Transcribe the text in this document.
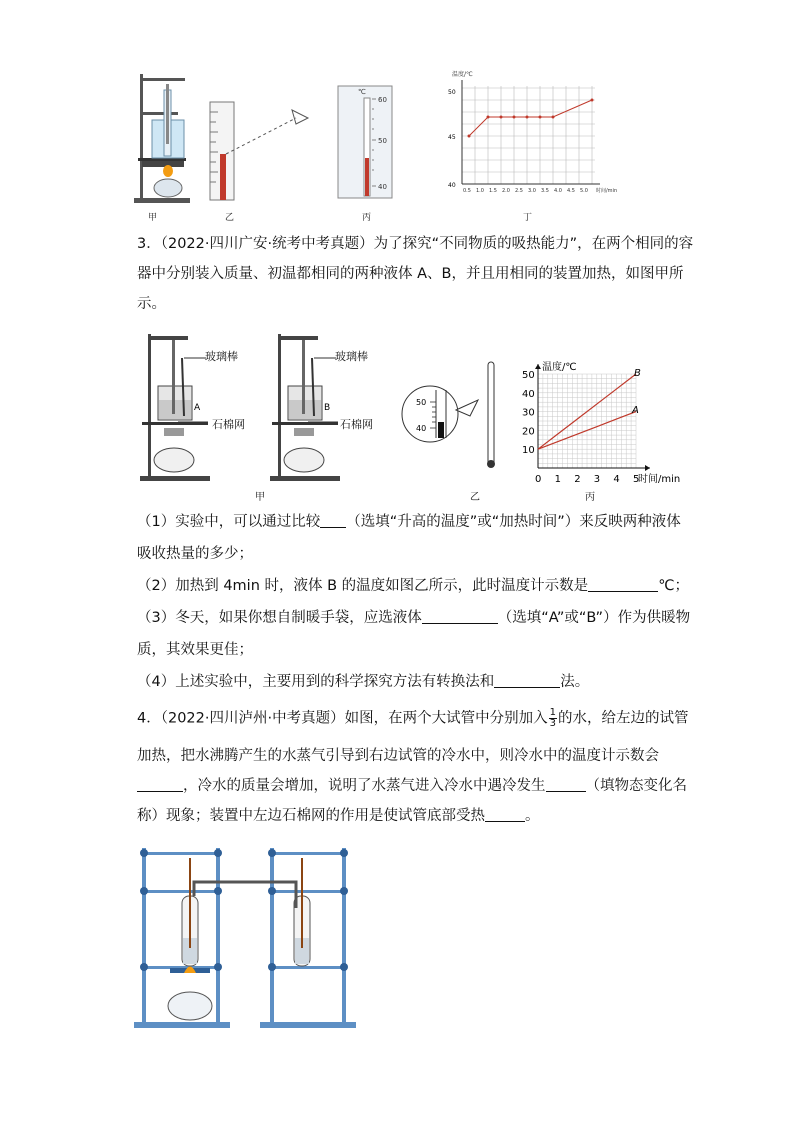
甲	乙
℃
60
50
40
丙
温度/℃
50
45
40
0.5 1.0 1.5 2.0 2.5 3.0 3.5 4.0 4.5 5.0 时间/min
丁
3．（2022·四川广安·统考中考真题）为了探究“不同物质的吸热能力”，在两个相同的容
器中分别装入质量、初温都相同的两种液体 A、B，并且用相同的装置加热，如图甲所
示。
A
玻璃棒
石棉网
B
玻璃棒
石棉网
甲
50
40
乙
温度/℃
时间/min
10
20
30
40
50
0 1 2 3 4 5
B
A
丙
（1）实验中，可以通过比较 （选填“升高的温度”或“加热时间”）来反映两种液体
吸收热量的多少；
（2）加热到 4min 时，液体 B 的温度如图乙所示，此时温度计示数是	℃；
（3）冬天，如果你想自制暖手袋，应选液体	（选填“A”或“B”）作为供暖物
质，其效果更佳；
（4）上述实验中，主要用到的科学探究方法有转换法和	法。
4．（2022·四川泸州·中考真题）如图，在两个大试管中分别加入 $\frac{1}{3}$ 的水，给左边的试管
加热，把水沸腾产生的水蒸气引导到右边试管的冷水中，则冷水中的温度计示数会
，冷水的质量会增加，说明了水蒸气进入冷水中遇冷发生	（填物态变化名
称）现象；装置中左边石棉网的作用是使试管底部受热	。
